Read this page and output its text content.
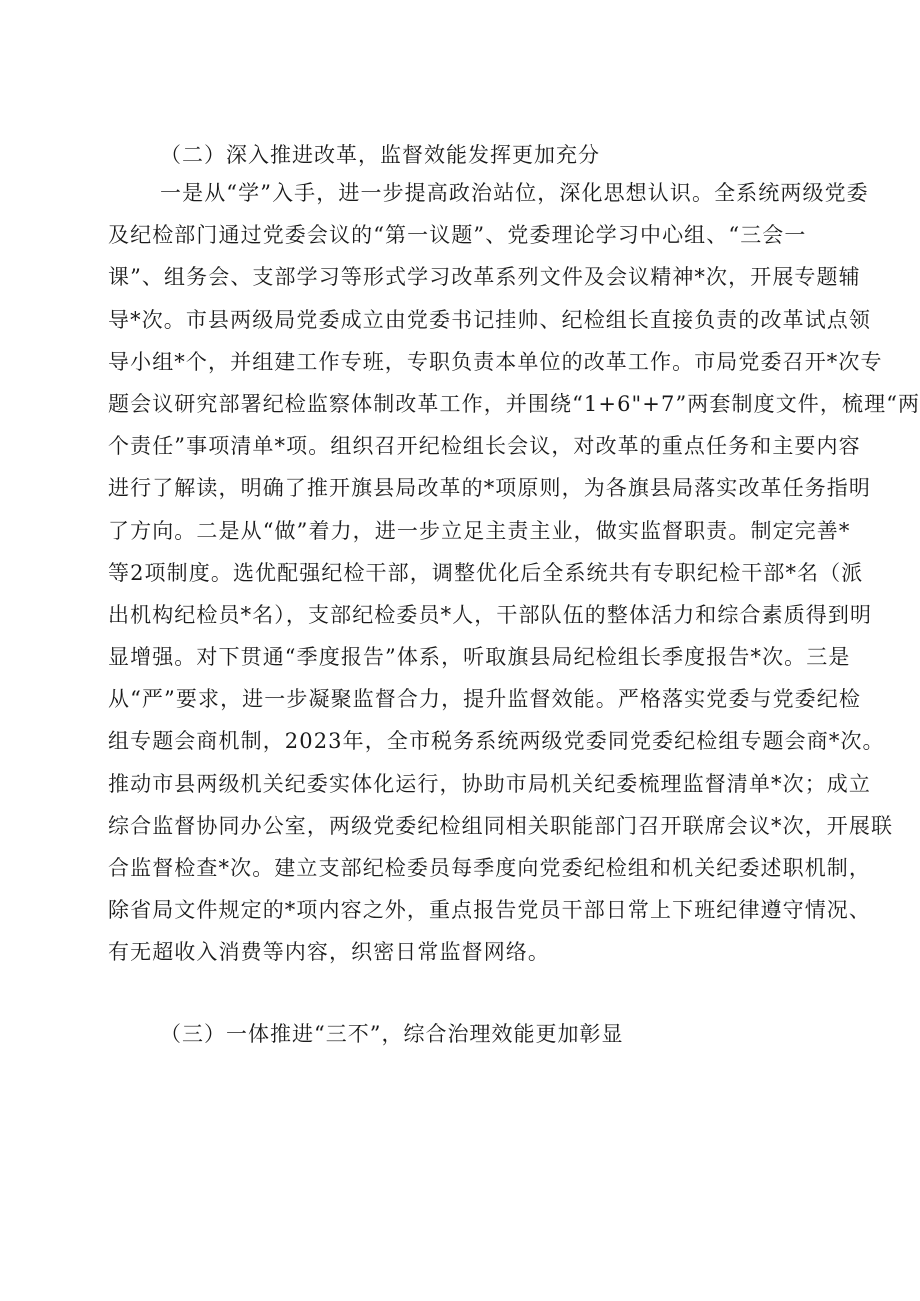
（二）深入推进改革，监督效能发挥更加充分
一是从“学”入手，进一步提高政治站位，深化思想认识。全系统两级党委
及纪检部门通过党委会议的“第一议题”、党委理论学习中心组、“三会一
课”、组务会、支部学习等形式学习改革系列文件及会议精神*次，开展专题辅
导*次。市县两级局党委成立由党委书记挂帅、纪检组长直接负责的改革试点领
导小组*个，并组建工作专班，专职负责本单位的改革工作。市局党委召开*次专
题会议研究部署纪检监察体制改革工作，并围绕“1+6"+7”两套制度文件，梳理“两
个责任”事项清单*项。组织召开纪检组长会议，对改革的重点任务和主要内容
进行了解读，明确了推开旗县局改革的*项原则，为各旗县局落实改革任务指明
了方向。二是从“做”着力，进一步立足主责主业，做实监督职责。制定完善*
等2项制度。选优配强纪检干部，调整优化后全系统共有专职纪检干部*名（派
出机构纪检员*名），支部纪检委员*人，干部队伍的整体活力和综合素质得到明
显增强。对下贯通“季度报告”体系，听取旗县局纪检组长季度报告*次。三是
从“严”要求，进一步凝聚监督合力，提升监督效能。严格落实党委与党委纪检
组专题会商机制，2023年，全市税务系统两级党委同党委纪检组专题会商*次。
推动市县两级机关纪委实体化运行，协助市局机关纪委梳理监督清单*次；成立
综合监督协同办公室，两级党委纪检组同相关职能部门召开联席会议*次，开展联
合监督检查*次。建立支部纪检委员每季度向党委纪检组和机关纪委述职机制，
除省局文件规定的*项内容之外，重点报告党员干部日常上下班纪律遵守情况、
有无超收入消费等内容，织密日常监督网络。
（三）一体推进“三不”，综合治理效能更加彰显
